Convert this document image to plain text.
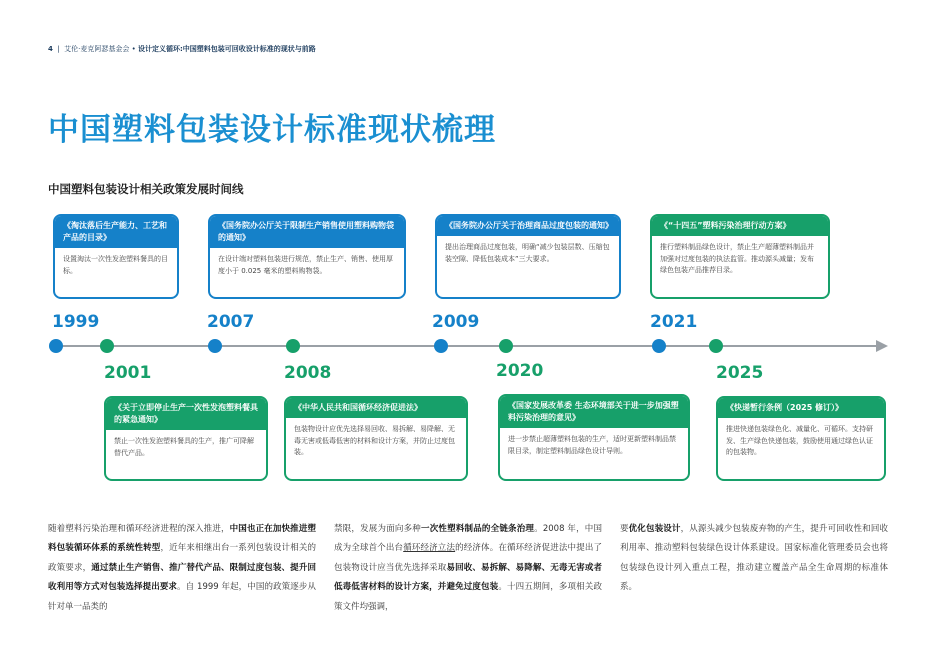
4 | 艾伦·麦克阿瑟基金会 • 设计定义循环:中国塑料包装可回收设计标准的现状与前路
中国塑料包装设计标准现状梳理
中国塑料包装设计相关政策发展时间线
《淘汰落后生产能力、工艺和产品的目录》
设置淘汰一次性发泡塑料餐具的目标。
《“十四五”塑料污染治理行动方案》
推行塑料制品绿色设计，禁止生产超薄塑料制品并加强对过度包装的执法监管。推动源头减量；发布绿色包装产品推荐目录。
《国务院办公厅关于限制生产销售使用塑料购物袋的通知》
在设计端对塑料包装进行规范，禁止生产、销售、使用厚度小于 0.025 毫米的塑料购物袋。
《国务院办公厅关于治理商品过度包装的通知》
提出治理商品过度包装，明确“减少包装层数、压缩包装空隙、降低包装成本”三大要求。
1999	2007	2009	2021
2001	2008	2020	2025
《关于立即停止生产一次性发泡塑料餐具的紧急通知》
禁止一次性发泡塑料餐具的生产，推广可降解替代产品。
《中华人民共和国循环经济促进法》
包装物设计应优先选择易回收、易拆解、易降解、无毒无害或低毒低害的材料和设计方案，并防止过度包装。
《国家发展改革委 生态环境部关于进一步加强塑料污染治理的意见》
进一步禁止超薄塑料包装的生产，适时更新塑料制品禁限目录，制定塑料制品绿色设计导则。
《快递暂行条例（2025 修订）》
推进快递包装绿色化、减量化、可循环。支持研发、生产绿色快递包装，鼓励使用通过绿色认证的包装物。
随着塑料污染治理和循环经济进程的深入推进，中国也正在加快推进塑料包装循环体系的系统性转型，近年来相继出台一系列包装设计相关的政策要求，通过禁止生产销售、推广替代产品、限制过度包装、提升回收利用等方式对包装选择提出要求。自 1999 年起，中国的政策逐步从针对单一品类的
禁限，发展为面向多种一次性塑料制品的全链条治理。2008 年，中国成为全球首个出台循环经济立法的经济体。在循环经济促进法中提出了包装物设计应当优先选择采取易回收、易拆解、易降解、无毒无害或者低毒低害材料的设计方案，并避免过度包装。十四五期间，多项相关政策文件均强调，
要优化包装设计，从源头减少包装废弃物的产生，提升可回收性和回收利用率、推动塑料包装绿色设计体系建设。国家标准化管理委员会也将包装绿色设计列入重点工程，推动建立覆盖产品全生命周期的标准体系。
